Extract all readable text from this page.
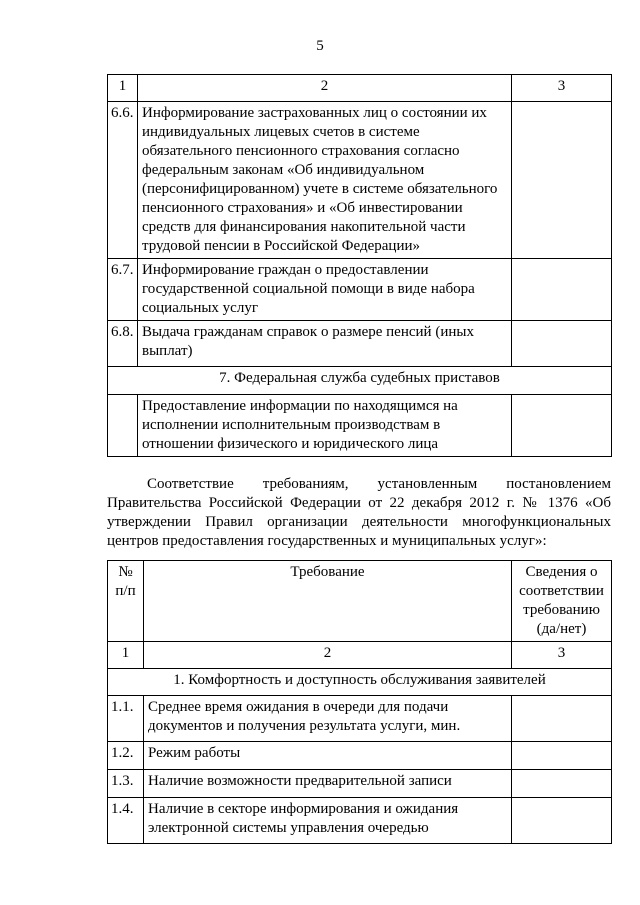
5
1	2	3
6.6.	Информирование застрахованных лиц о состоянии их индивидуальных лицевых счетов в системе обязательного пенсионного страхования согласно федеральным законам «Об индивидуальном (персонифицированном) учете в системе обязательного пенсионного страхования» и «Об инвестировании средств для финансирования накопительной части трудовой пенсии в Российской Федерации»	
6.7.	Информирование граждан о предоставлении государственной социальной помощи в виде набора социальных услуг	
6.8.	Выдача гражданам справок о размере пенсий (иных выплат)	
7. Федеральная служба судебных приставов		
	Предоставление информации по находящимся на исполнении исполнительным производствам в отношении физического и юридического лица	
Соответствие требованиям, установленным постановлением Правительства Российской Федерации от 22 декабря 2012 г. № 1376 «Об утверждении Правил организации деятельности многофункциональных центров предоставления государственных и муниципальных услуг»:
№ п/п	Требование	Сведения о соответствии требованию (да/нет)
1	2	3
1. Комфортность и доступность обслуживания заявителей		
1.1.	Среднее время ожидания в очереди для подачи документов и получения результата услуги, мин.	
1.2.	Режим работы	
1.3.	Наличие возможности предварительной записи	
1.4.	Наличие в секторе информирования и ожидания электронной системы управления очередью	
